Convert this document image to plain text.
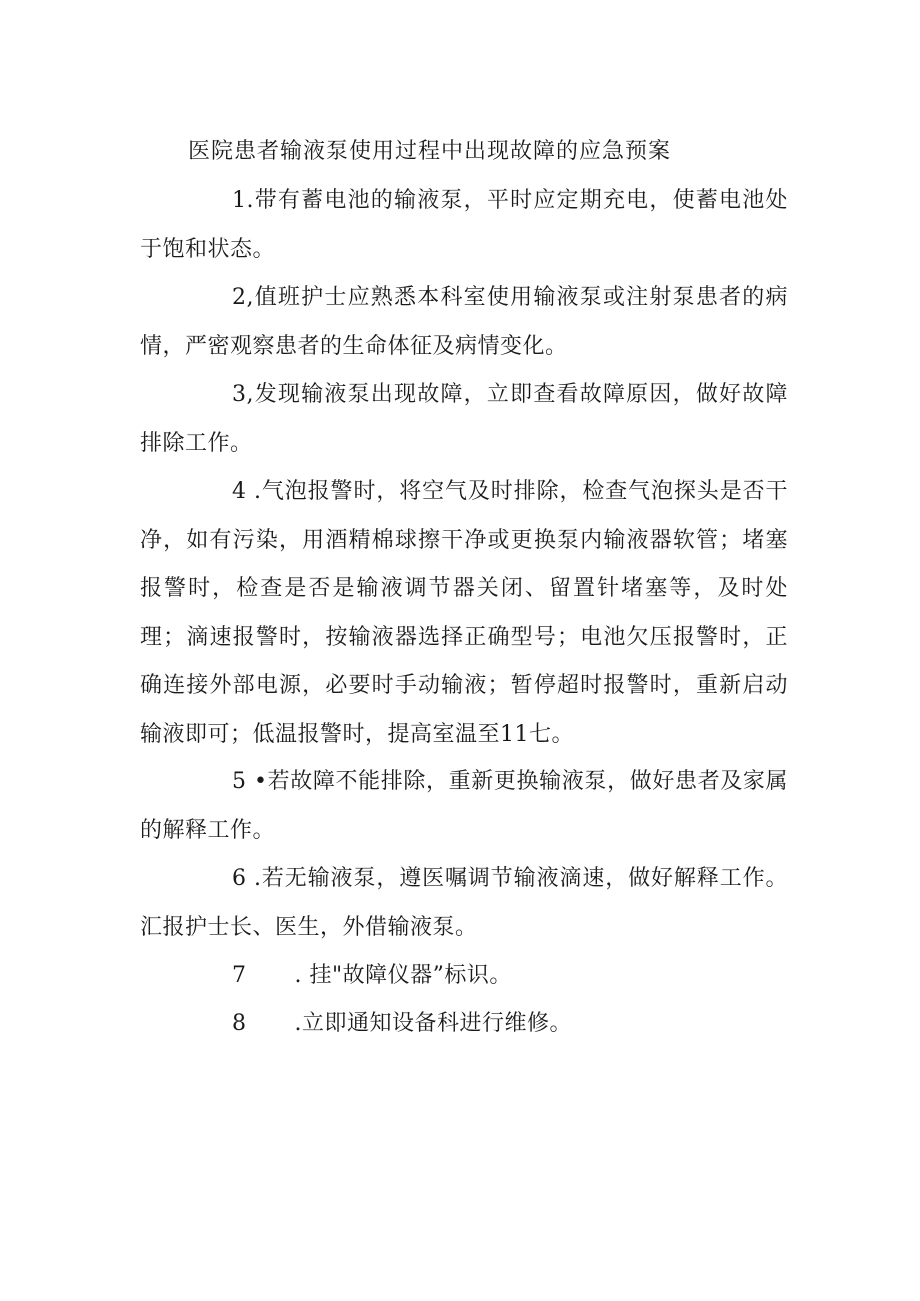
医院患者输液泵使用过程中出现故障的应急预案

1.带有蓄电池的输液泵，平时应定期充电，使蓄电池处于饱和状态。

2,值班护士应熟悉本科室使用输液泵或注射泵患者的病情，严密观察患者的生命体征及病情变化。

3,发现输液泵出现故障，立即查看故障原因，做好故障排除工作。

4 .气泡报警时，将空气及时排除，检查气泡探头是否干净，如有污染，用酒精棉球擦干净或更换泵内输液器软管；堵塞报警时，检查是否是输液调节器关闭、留置针堵塞等，及时处理；滴速报警时，按输液器选择正确型号；电池欠压报警时，正确连接外部电源，必要时手动输液；暂停超时报警时，重新启动输液即可；低温报警时，提高室温至11七。

5 •若故障不能排除，重新更换输液泵，做好患者及家属的解释工作。

6 .若无输液泵，遵医嘱调节输液滴速，做好解释工作。汇报护士长、医生，外借输液泵。

7 . 挂"故障仪器”标识。

8 .立即通知设备科进行维修。
